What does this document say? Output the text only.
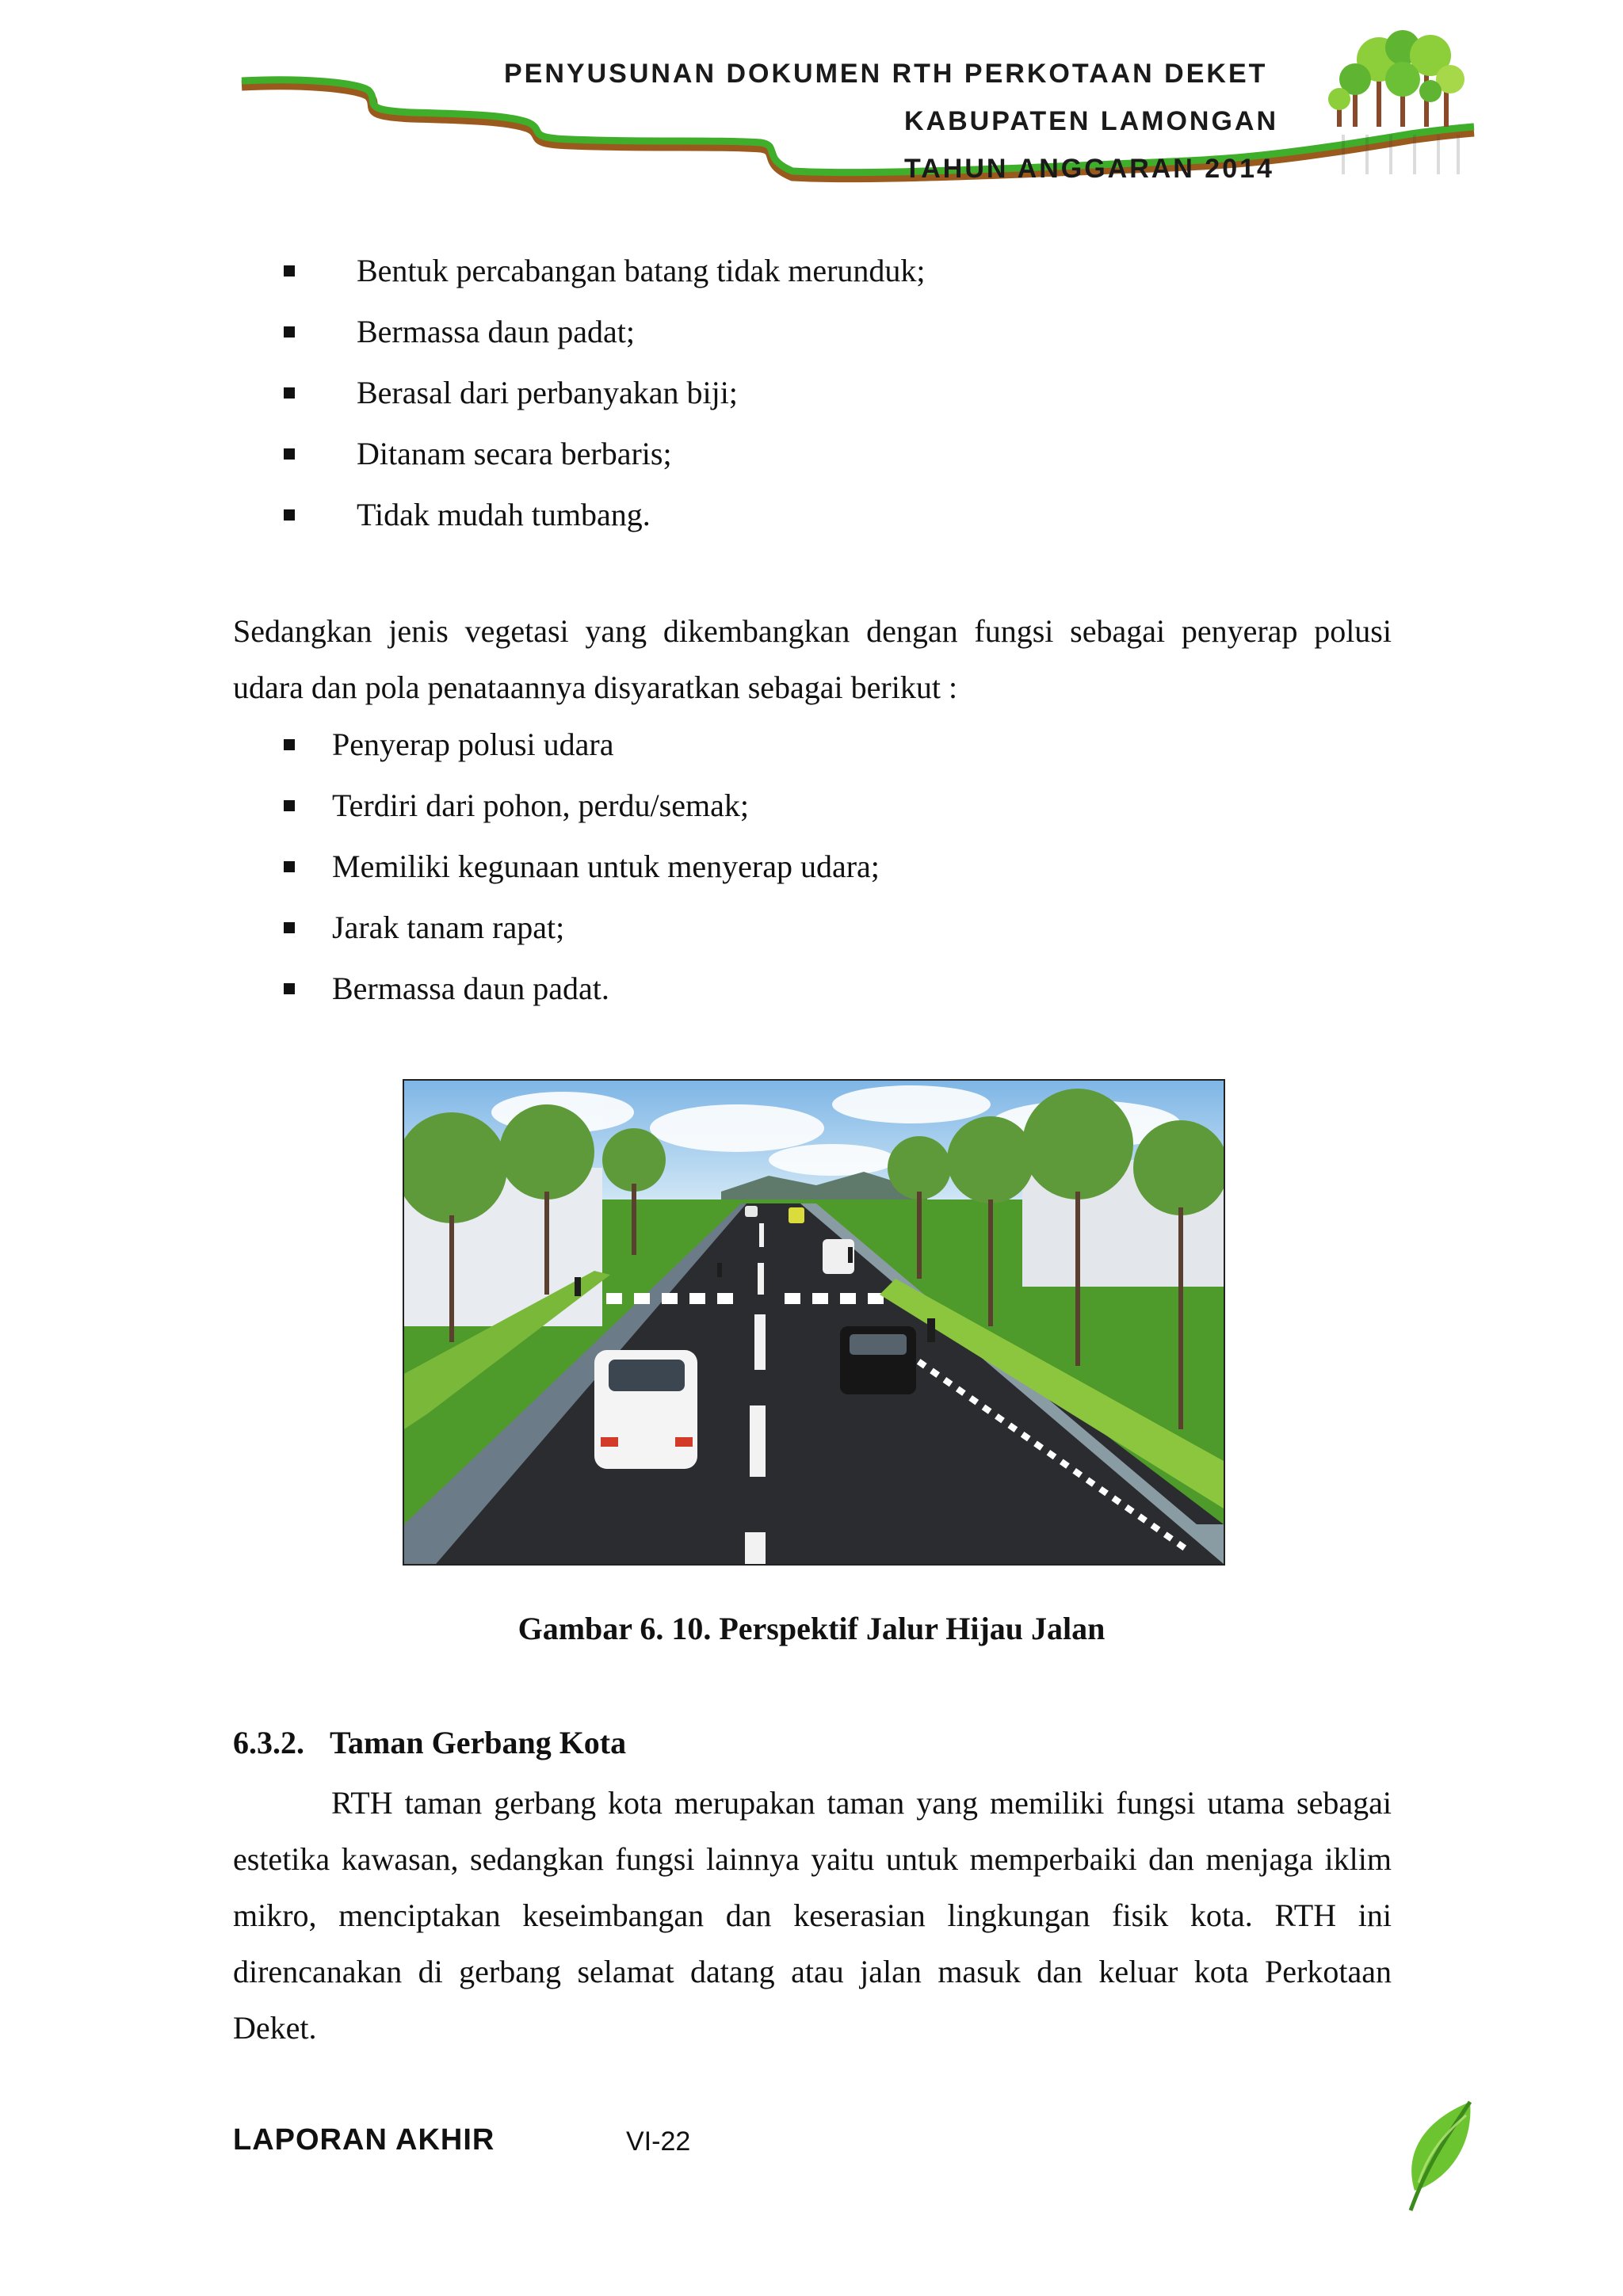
PENYUSUNAN DOKUMEN RTH PERKOTAAN DEKET
KABUPATEN LAMONGAN
TAHUN ANGGARAN 2014
Bentuk percabangan batang tidak merunduk;
Bermassa daun padat;
Berasal dari perbanyakan biji;
Ditanam secara berbaris;
Tidak mudah tumbang.

Sedangkan jenis vegetasi yang dikembangkan dengan fungsi sebagai penyerap polusi udara dan pola penataannya disyaratkan sebagai berikut :

Penyerap polusi udara
Terdiri dari pohon, perdu/semak;
Memiliki kegunaan untuk menyerap udara;
Jarak tanam rapat;
Bermassa daun padat.

Gambar 6. 10. Perspektif Jalur Hijau Jalan

6.3.2. Taman Gerbang Kota

RTH taman gerbang kota merupakan taman yang memiliki fungsi utama sebagai estetika kawasan, sedangkan fungsi lainnya yaitu untuk memperbaiki dan menjaga iklim mikro, menciptakan keseimbangan dan keserasian lingkungan fisik kota. RTH ini direncanakan di gerbang selamat datang atau jalan masuk dan keluar kota Perkotaan Deket.

LAPORAN AKHIR	VI-22
